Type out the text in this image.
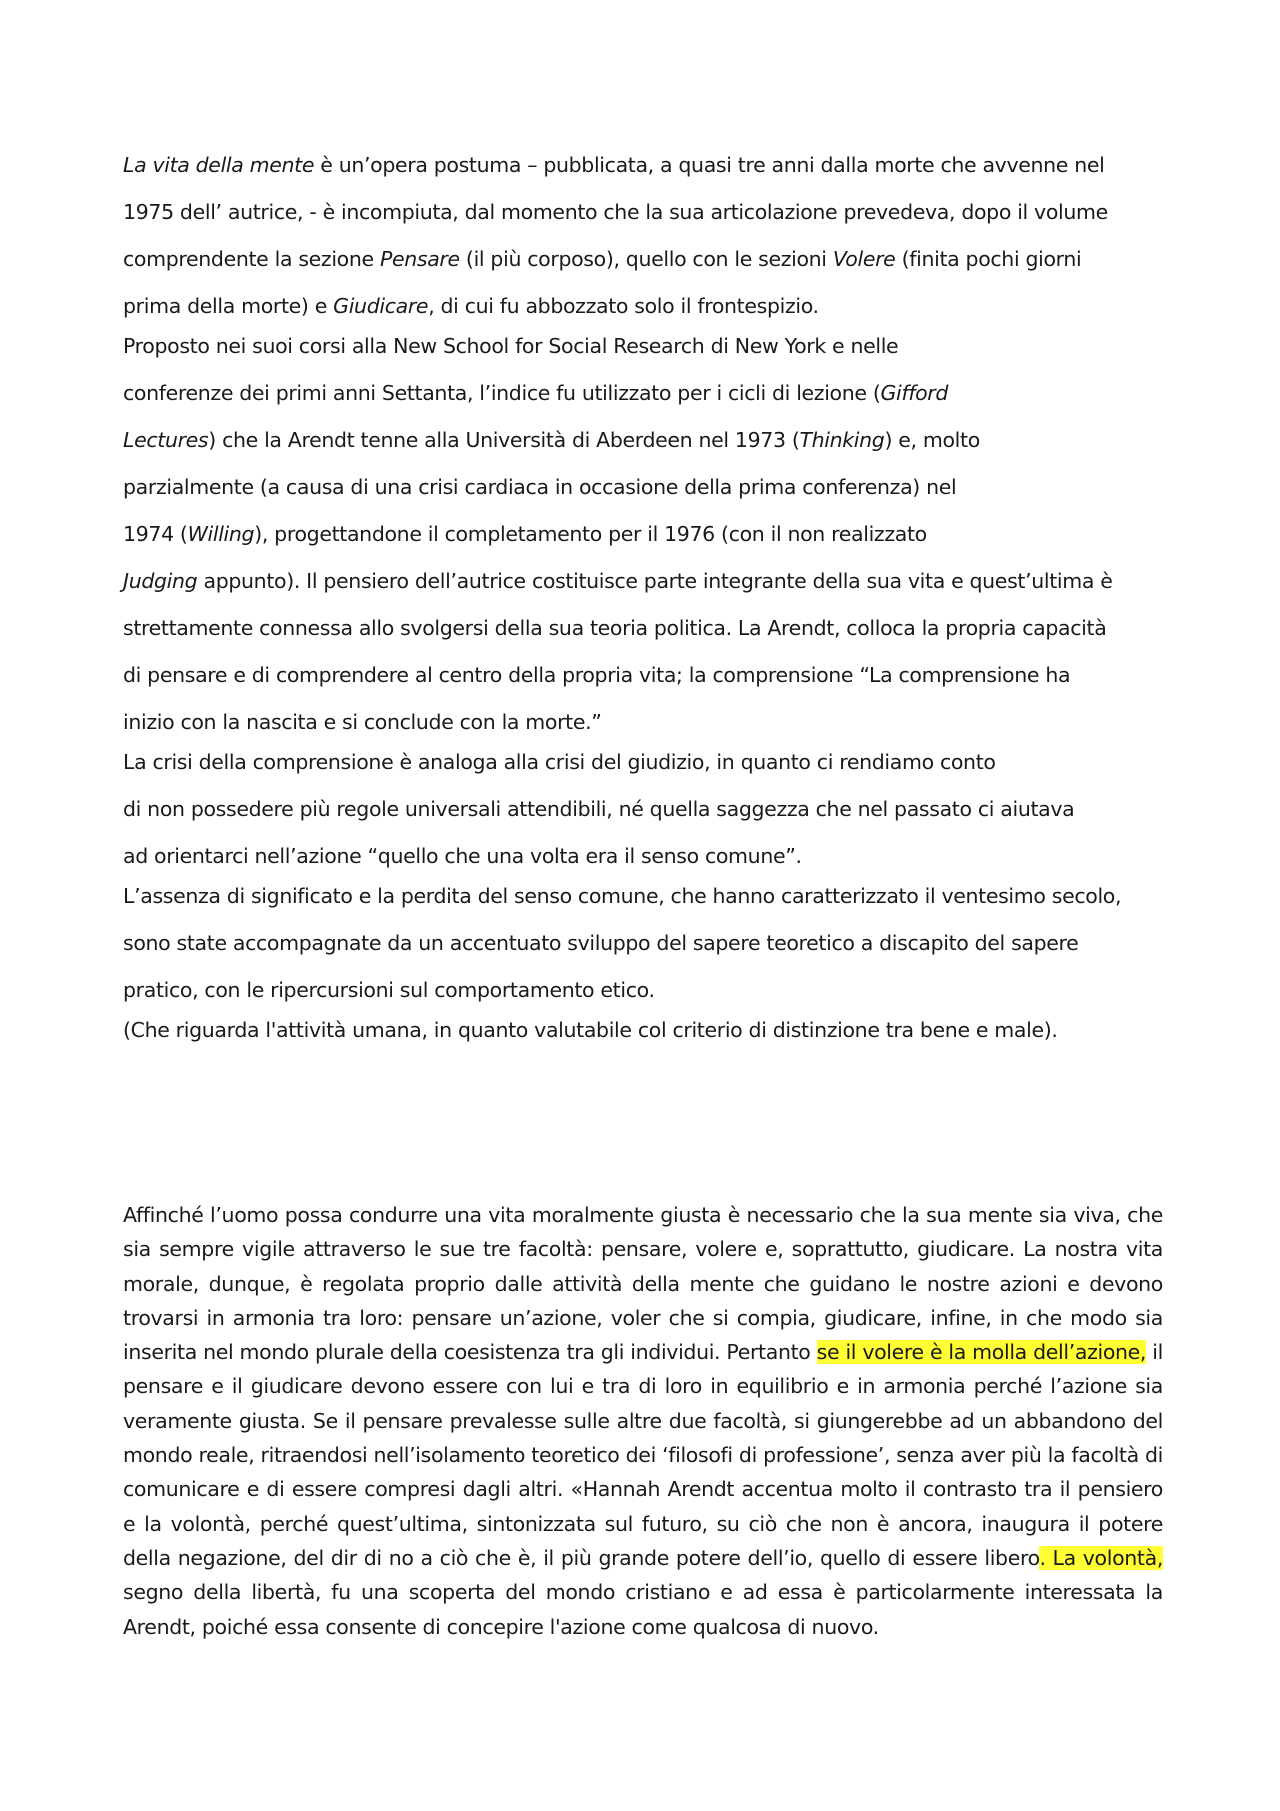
La vita della mente è un’opera postuma – pubblicata, a quasi tre anni dalla morte che avvenne nel
1975 dell’ autrice, - è incompiuta, dal momento che la sua articolazione prevedeva, dopo il volume
comprendente la sezione Pensare (il più corposo), quello con le sezioni Volere (finita pochi giorni
prima della morte) e Giudicare, di cui fu abbozzato solo il frontespizio.
Proposto nei suoi corsi alla New School for Social Research di New York e nelle
conferenze dei primi anni Settanta, l’indice fu utilizzato per i cicli di lezione (Gifford
Lectures) che la Arendt tenne alla Università di Aberdeen nel 1973 (Thinking) e, molto
parzialmente (a causa di una crisi cardiaca in occasione della prima conferenza) nel
1974 (Willing), progettandone il completamento per il 1976 (con il non realizzato
Judging appunto). Il pensiero dell’autrice costituisce parte integrante della sua vita e quest’ultima è
strettamente connessa allo svolgersi della sua teoria politica. La Arendt, colloca la propria capacità
di pensare e di comprendere al centro della propria vita; la comprensione “La comprensione ha
inizio con la nascita e si conclude con la morte.”
La crisi della comprensione è analoga alla crisi del giudizio, in quanto ci rendiamo conto
di non possedere più regole universali attendibili, né quella saggezza che nel passato ci aiutava
ad orientarci nell’azione “quello che una volta era il senso comune”.
L’assenza di significato e la perdita del senso comune, che hanno caratterizzato il ventesimo secolo,
sono state accompagnate da un accentuato sviluppo del sapere teoretico a discapito del sapere
pratico, con le ripercursioni sul comportamento etico.
(Che riguarda l'attività umana, in quanto valutabile col criterio di distinzione tra bene e male).

Affinché l’uomo possa condurre una vita moralmente giusta è necessario che la sua mente sia viva, che sia sempre vigile attraverso le sue tre facoltà: pensare, volere e, soprattutto, giudicare. La nostra vita morale, dunque, è regolata proprio dalle attività della mente che guidano le nostre azioni e devono trovarsi in armonia tra loro: pensare un’azione, voler che si compia, giudicare, infine, in che modo sia inserita nel mondo plurale della coesistenza tra gli individui. Pertanto se il volere è la molla dell’azione, il pensare e il giudicare devono essere con lui e tra di loro in equilibrio e in armonia perché l’azione sia veramente giusta. Se il pensare prevalesse sulle altre due facoltà, si giungerebbe ad un abbandono del mondo reale, ritraendosi nell’isolamento teoretico dei ‘filosofi di professione’, senza aver più la facoltà di comunicare e di essere compresi dagli altri. «Hannah Arendt accentua molto il contrasto tra il pensiero e la volontà, perché quest’ultima, sintonizzata sul futuro, su ciò che non è ancora, inaugura il potere della negazione, del dir di no a ciò che è, il più grande potere dell’io, quello di essere libero. La volontà, segno della libertà, fu una scoperta del mondo cristiano e ad essa è particolarmente interessata la Arendt, poiché essa consente di concepire l'azione come qualcosa di nuovo.
